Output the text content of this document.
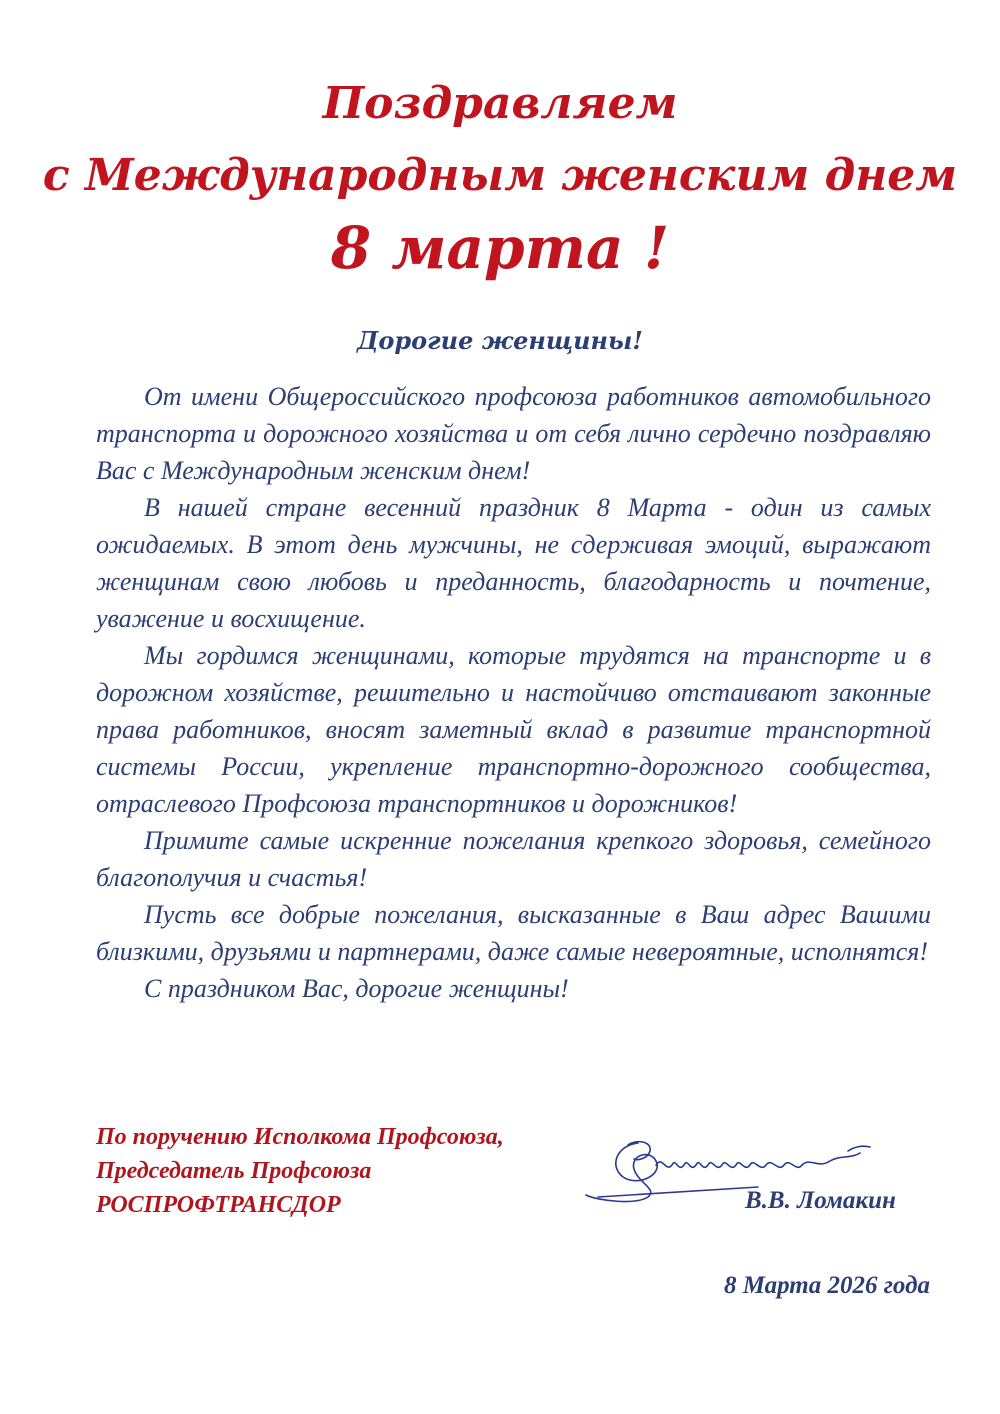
Поздравляем
с Международным женским днем
8 марта !
Дорогие женщины!

От имени Общероссийского профсоюза работников автомобильного транспорта и дорожного хозяйства и от себя лично сердечно поздравляю Вас с Международным женским днем!

В нашей стране весенний праздник 8 Марта - один из самых ожидаемых. В этот день мужчины, не сдерживая эмоций, выражают женщинам свою любовь и преданность, благодарность и почтение, уважение и восхищение.

Мы гордимся женщинами, которые трудятся на транспорте и в дорожном хозяйстве, решительно и настойчиво отстаивают законные права работников, вносят заметный вклад в развитие транспортной системы России, укрепление транспортно-дорожного сообщества, отраслевого Профсоюза транспортников и дорожников!

Примите самые искренние пожелания крепкого здоровья, семейного благополучия и счастья!

Пусть все добрые пожелания, высказанные в Ваш адрес Вашими близкими, друзьями и партнерами, даже самые невероятные, исполнятся!

С праздником Вас, дорогие женщины!

По поручению Исполкома Профсоюза,
Председатель Профсоюза
РОСПРОФТРАНСДОР	В.В. Ломакин
8 Марта 2026 года
